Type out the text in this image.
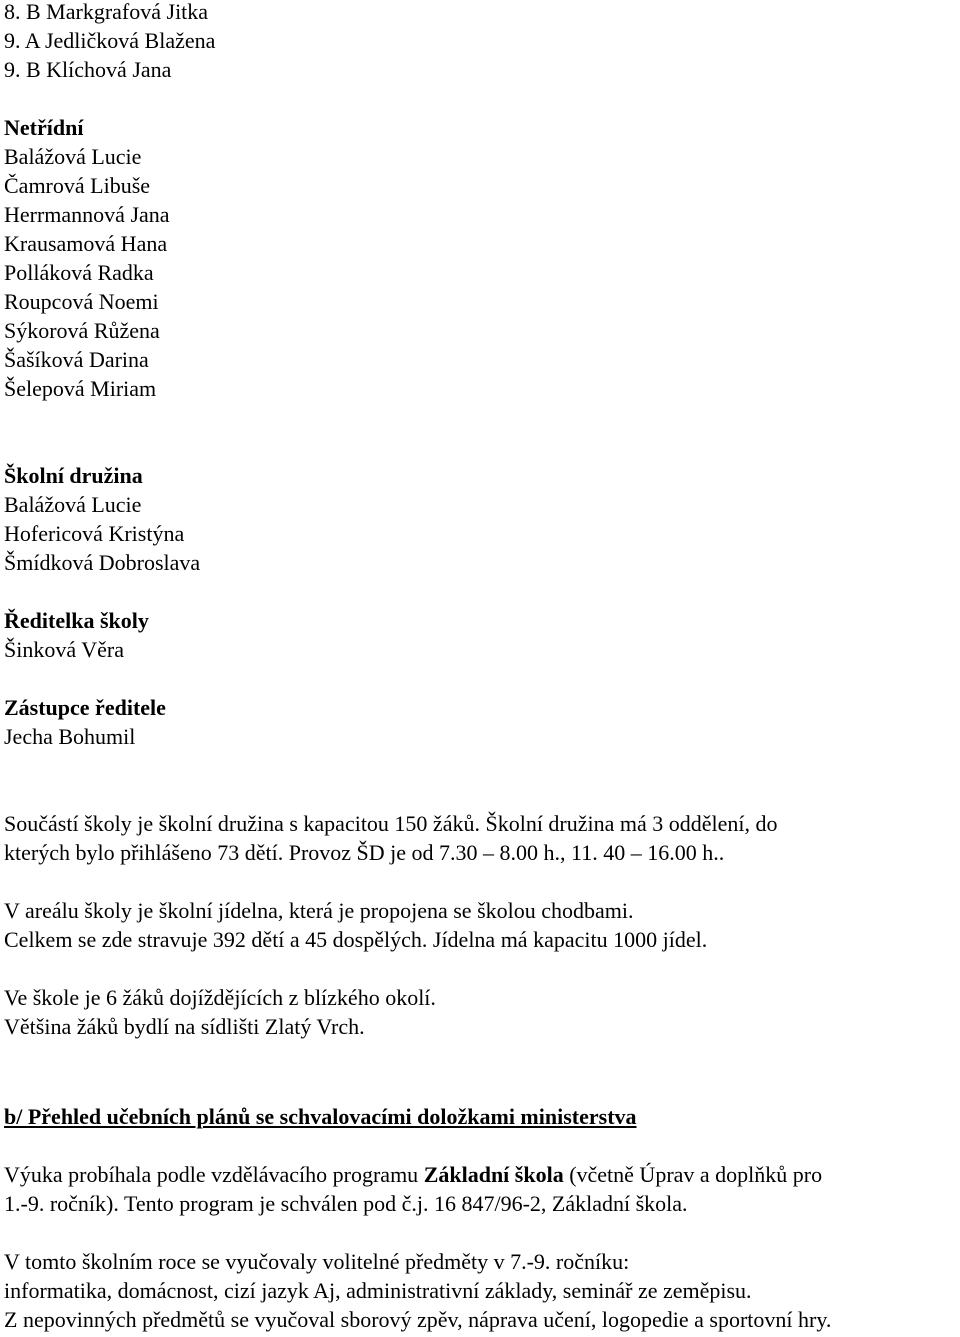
8. B Markgrafová Jitka
9. A Jedličková Blažena
9. B Klíchová Jana
Netřídní
Balážová Lucie
Čamrová Libuše
Herrmannová Jana
Krausamová Hana
Polláková Radka
Roupcová Noemi
Sýkorová Růžena
Šašíková Darina
Šelepová Miriam
Školní družina
Balážová Lucie
Hofericová Kristýna
Šmídková Dobroslava
Ředitelka školy
Šinková Věra
Zástupce ředitele
Jecha Bohumil
Součástí školy je školní družina s kapacitou 150 žáků. Školní družina má 3 oddělení, do
kterých bylo přihlášeno 73 dětí. Provoz ŠD je od 7.30 – 8.00 h., 11. 40 – 16.00 h..
V areálu školy je školní jídelna, která je propojena se školou chodbami.
Celkem se zde stravuje 392 dětí a 45 dospělých. Jídelna má kapacitu 1000 jídel.
Ve škole je 6 žáků dojíždějících z blízkého okolí.
Většina žáků bydlí na sídlišti Zlatý Vrch.
b/ Přehled učebních plánů se schvalovacími doložkami ministerstva
Výuka probíhala podle vzdělávacího programu Základní škola (včetně Úprav a doplňků pro
1.-9. ročník). Tento program je schválen pod č.j. 16 847/96-2, Základní škola.
V tomto školním roce se vyučovaly volitelné předměty v 7.-9. ročníku:
informatika, domácnost, cizí jazyk Aj, administrativní základy, seminář ze zeměpisu.
Z nepovinných předmětů se vyučoval sborový zpěv, náprava učení, logopedie a sportovní hry.
